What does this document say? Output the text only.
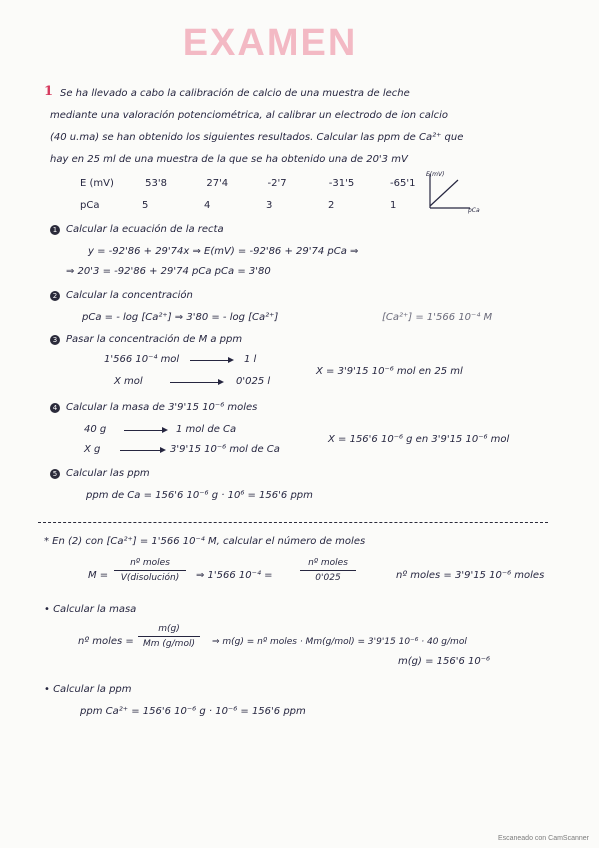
EXAMEN
1 Se ha llevado a cabo la calibración de calcio de una muestra de leche
mediante una valoración potenciométrica, al calibrar un electrodo de ion calcio
(40 u.ma) se han obtenido los siguientes resultados. Calcular las ppm de Ca²⁺ que
hay en 25 ml de una muestra de la que se ha obtenido una de 20'3 mV
E (mV)	53'8	27'4	-2'7	-31'5	-65'1
pCa	5	4	3	2	1
E(mV)
pCa
1 Calcular la ecuación de la recta
y = -92'86 + 29'74x ⇒ E(mV) = -92'86 + 29'74 pCa ⇒
⇒ 20'3 = -92'86 + 29'74 pCa pCa = 3'80
2 Calcular la concentración
pCa = - log [Ca²⁺] ⇒ 3'80 = - log [Ca²⁺]	[Ca²⁺] = 1'566 10⁻⁴ M
3 Pasar la concentración de M a ppm
1'566 10⁻⁴ mol	1 l
X mol	0'025 l
X = 3'9'15 10⁻⁶ mol en 25 ml
4 Calcular la masa de 3'9'15 10⁻⁶ moles
40 g	1 mol de Ca
X g	3'9'15 10⁻⁶ mol de Ca
X = 156'6 10⁻⁶ g en 3'9'15 10⁻⁶ mol
5 Calcular las ppm
ppm de Ca = 156'6 10⁻⁶ g · 10⁶ = 156'6 ppm
* En (2) con [Ca²⁺] = 1'566 10⁻⁴ M, calcular el número de moles
M =
nº moles
V(disolución)	⇒ 1'566 10⁻⁴ =
nº moles
0'025	nº moles = 3'9'15 10⁻⁶ moles
• Calcular la masa
nº moles =
m(g)
Mm (g/mol)	⇒ m(g) = nº moles · Mm(g/mol) = 3'9'15 10⁻⁶ · 40 g/mol
m(g) = 156'6 10⁻⁶
• Calcular la ppm
ppm Ca²⁺ = 156'6 10⁻⁶ g · 10⁻⁶ = 156'6 ppm
Escaneado con CamScanner
